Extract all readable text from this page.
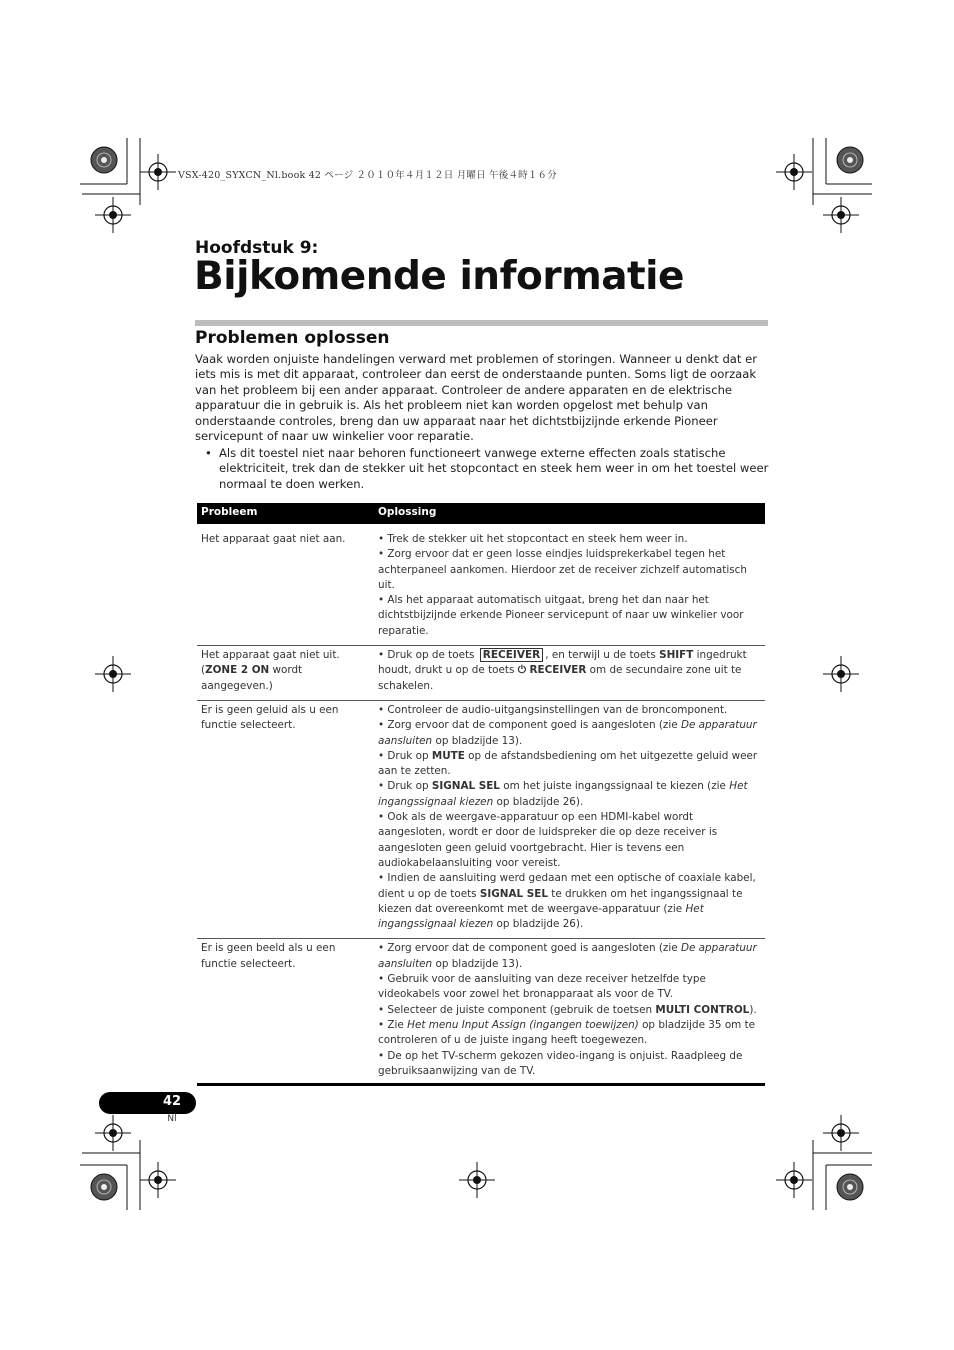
VSX-420_SYXCN_Nl.book 42 ページ ２０１０年４月１２日 月曜日 午後４時１６分
Hoofdstuk 9:
Bijkomende informatie
Problemen oplossen

Vaak worden onjuiste handelingen verward met problemen of storingen. Wanneer u denkt dat er iets mis is met dit apparaat, controleer dan eerst de onderstaande punten. Soms ligt de oorzaak van het probleem bij een ander apparaat. Controleer de andere apparaten en de elektrische apparatuur die in gebruik is. Als het probleem niet kan worden opgelost met behulp van onderstaande controles, breng dan uw apparaat naar het dichtstbijzijnde erkende Pioneer servicepunt of naar uw winkelier voor reparatie.

• Als dit toestel niet naar behoren functioneert vanwege externe effecten zoals statische elektriciteit, trek dan de stekker uit het stopcontact en steek hem weer in om het toestel weer normaal te doen werken.
Probleem	Oplossing
Het apparaat gaat niet aan.	• Trek de stekker uit het stopcontact en steek hem weer in.

• Zorg ervoor dat er geen losse eindjes luidsprekerkabel tegen het achterpaneel aankomen. Hierdoor zet de receiver zichzelf automatisch uit.

• Als het apparaat automatisch uitgaat, breng het dan naar het dichtstbijzijnde erkende Pioneer servicepunt of naar uw winkelier voor reparatie.

Het apparaat gaat niet uit. (ZONE 2 ON wordt aangegeven.)

• Druk op de toets RECEIVER , en terwijl u de toets SHIFT ingedrukt houdt, drukt u op de toets ⏻ RECEIVER om de secundaire zone uit te schakelen.

Er is geen geluid als u een functie selecteert.

• Controleer de audio-uitgangsinstellingen van de broncomponent.

• Zorg ervoor dat de component goed is aangesloten (zie De apparatuur aansluiten op bladzijde 13).

• Druk op MUTE op de afstandsbediening om het uitgezette geluid weer aan te zetten.

• Druk op SIGNAL SEL om het juiste ingangssignaal te kiezen (zie Het ingangssignaal kiezen op bladzijde 26).

• Ook als de weergave-apparatuur op een HDMI-kabel wordt aangesloten, wordt er door de luidspreker die op deze receiver is aangesloten geen geluid voortgebracht. Hier is tevens een audiokabelaansluiting voor vereist.

• Indien de aansluiting werd gedaan met een optische of coaxiale kabel, dient u op de toets SIGNAL SEL te drukken om het ingangssignaal te kiezen dat overeenkomt met de weergave-apparatuur (zie Het ingangssignaal kiezen op bladzijde 26).

Er is geen beeld als u een functie selecteert.

• Zorg ervoor dat de component goed is aangesloten (zie De apparatuur aansluiten op bladzijde 13).

• Gebruik voor de aansluiting van deze receiver hetzelfde type videokabels voor zowel het bronapparaat als voor de TV.

• Selecteer de juiste component (gebruik de toetsen MULTI CONTROL).

• Zie Het menu Input Assign (ingangen toewijzen) op bladzijde 35 om te controleren of u de juiste ingang heeft toegewezen.

• De op het TV-scherm gekozen video-ingang is onjuist. Raadpleeg de gebruiksaanwijzing van de TV.

42
Nl
